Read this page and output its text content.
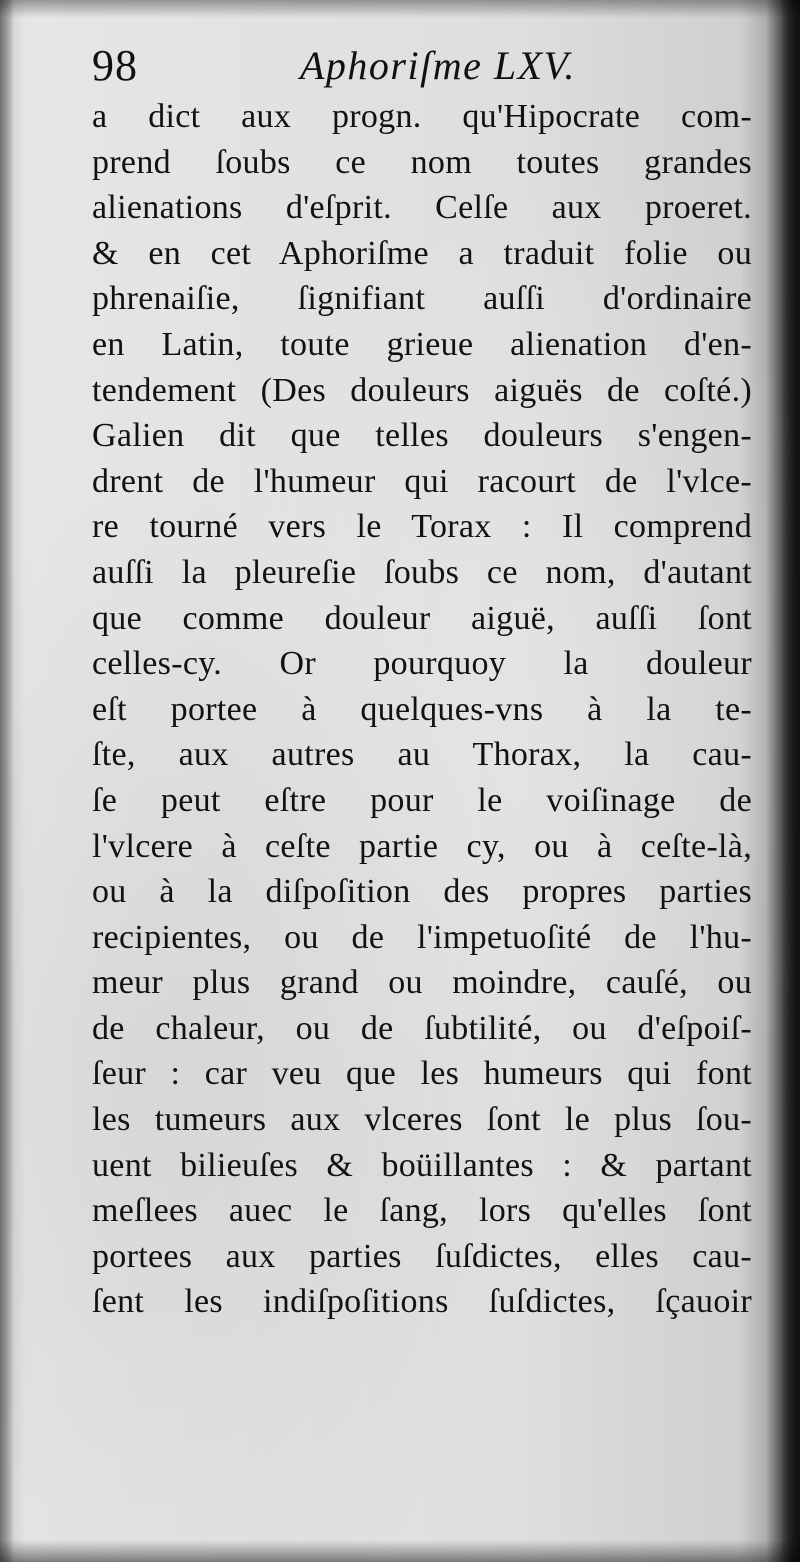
98	Aphoriſme LXV.
a dict aux progn. qu'Hipocrate com-
prend ſoubs ce nom toutes grandes
alienations d'eſprit. Celſe aux proeret.
& en cet Aphoriſme a traduit folie ou
phrenaiſie, ſignifiant auſſi d'ordinaire
en Latin, toute grieue alienation d'en-
tendement (Des douleurs aiguës de coſté.)
Galien dit que telles douleurs s'engen-
drent de l'humeur qui racourt de l'vlce-
re tourné vers le Torax : Il comprend
auſſi la pleureſie ſoubs ce nom, d'autant
que comme douleur aiguë, auſſi ſont
celles-cy. Or pourquoy la douleur
eſt portee à quelques-vns à la te-
ſte, aux autres au Thorax, la cau-
ſe peut eſtre pour le voiſinage de
l'vlcere à ceſte partie cy, ou à ceſte-là,
ou à la diſpoſition des propres parties
recipientes, ou de l'impetuoſité de l'hu-
meur plus grand ou moindre, cauſé, ou
de chaleur, ou de ſubtilité, ou d'eſpoiſ-
ſeur : car veu que les humeurs qui font
les tumeurs aux vlceres ſont le plus ſou-
uent bilieuſes & boüillantes : & partant
meſlees auec le ſang, lors qu'elles ſont
portees aux parties ſuſdictes, elles cau-
ſent les indiſpoſitions ſuſdictes, ſçauoir
